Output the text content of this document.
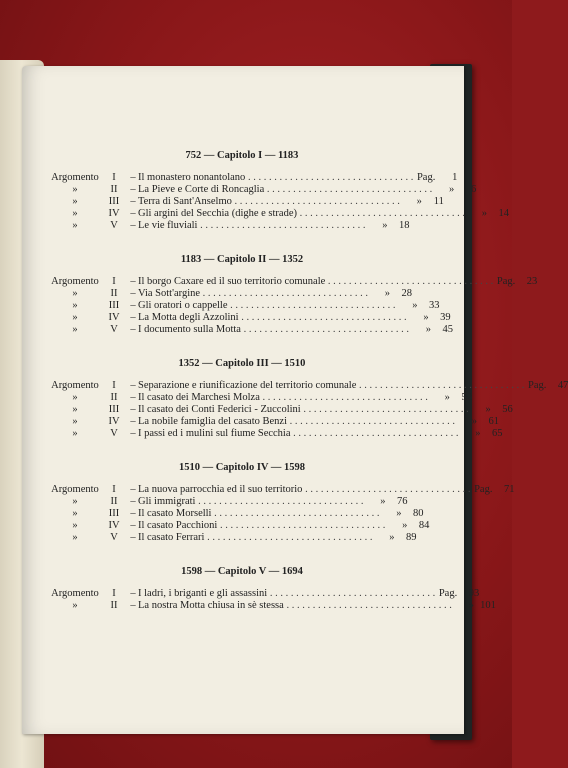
752 — Capitolo I — 1183
Argomento	I	– Il monastero nonantolano . . . . . . . . . . . . . . . . . . . . . . . . . . . . . . . . Pag.	1
»	II	– La Pieve e Corte di Roncaglia . . . . . . . . . . . . . . . . . . . . . . . . . . . . . . . .	»	6
»	III	– Terra di Sant'Anselmo . . . . . . . . . . . . . . . . . . . . . . . . . . . . . . . .	»	11
»	IV	– Gli argini del Secchia (dighe e strade) . . . . . . . . . . . . . . . . . . . . . . . . . . . . . . . .	»	14
»	V	– Le vie fluviali . . . . . . . . . . . . . . . . . . . . . . . . . . . . . . . .	»	18
1183 — Capitolo II — 1352
Argomento	I	– Il borgo Caxare ed il suo territorio comunale . . . . . . . . . . . . . . . . . . . . . . . . . . . . . . . . Pag.	23
»	II	– Via Sott'argine . . . . . . . . . . . . . . . . . . . . . . . . . . . . . . . .	»	28
»	III	– Gli oratori o cappelle . . . . . . . . . . . . . . . . . . . . . . . . . . . . . . . .	»	33
»	IV	– La Motta degli Azzolini . . . . . . . . . . . . . . . . . . . . . . . . . . . . . . . .	»	39
»	V	– I documento sulla Motta . . . . . . . . . . . . . . . . . . . . . . . . . . . . . . . .	»	45
1352 — Capitolo III — 1510
Argomento	I	– Separazione e riunificazione del territorio comunale . . . . . . . . . . . . . . . . . . . . . . . . . . . . . . . . Pag.	47
»	II	– Il casato dei Marchesi Molza . . . . . . . . . . . . . . . . . . . . . . . . . . . . . . . .	»	52
»	III	– Il casato dei Conti Federici - Zuccolini . . . . . . . . . . . . . . . . . . . . . . . . . . . . . . . .	»	56
»	IV	– La nobile famiglia del casato Benzi . . . . . . . . . . . . . . . . . . . . . . . . . . . . . . . .	»	61
»	V	– I passi ed i mulini sul fiume Secchia . . . . . . . . . . . . . . . . . . . . . . . . . . . . . . . .	»	65
1510 — Capitolo IV — 1598
Argomento	I	– La nuova parrocchia ed il suo territorio . . . . . . . . . . . . . . . . . . . . . . . . . . . . . . . . Pag.	71
»	II	– Gli immigrati . . . . . . . . . . . . . . . . . . . . . . . . . . . . . . . .	»	76
»	III	– Il casato Morselli . . . . . . . . . . . . . . . . . . . . . . . . . . . . . . . .	»	80
»	IV	– Il casato Pacchioni . . . . . . . . . . . . . . . . . . . . . . . . . . . . . . . .	»	84
»	V	– Il casato Ferrari . . . . . . . . . . . . . . . . . . . . . . . . . . . . . . . .	»	89
1598 — Capitolo V — 1694
Argomento	I	– I ladri, i briganti e gli assassini . . . . . . . . . . . . . . . . . . . . . . . . . . . . . . . . Pag.	93
»	II	– La nostra Motta chiusa in sè stessa . . . . . . . . . . . . . . . . . . . . . . . . . . . . . . . .	» 101
